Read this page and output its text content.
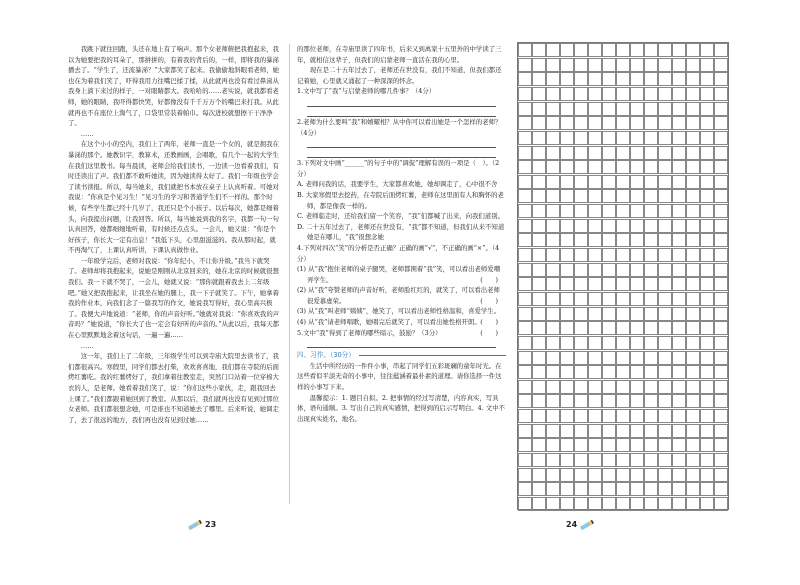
我跳下就往回跑，头还在地上有了响声。那个女老师俯把我抱起来，我以为她要把我的耳朵了，那拼拼的，有着我的背后的，一样，即将我的暴涕播去了。“学生了，还流暴涕？”大家都笑了起来。我偷偷地斜眼看老师，她也在为着我们笑了，吓得我用力往嘴巴揉了揉，从此就再也没有看过鼻涕从我身上淌下来过的样子，一对眼睛都大。我哈哈的……老实说，就我都看老师，她的眼睛，我吓得都快哭，好都像没有千千万万个的嘴巴来打我。从此就再也不在座位上淘气了，口袋里常装着帕巾。每次进校就想擦干干净净了。

……

在这个小小的空内，我们上了两年，老师一直是一个女的，就是拥我在暴涕的那个。她教识字，教算术，还教画画，会唱歌，有几个一起的大学生在我们这里教书。每当晨读，老师会给我们读书，一边读一边看着我们，有时还读出了声。我们都不敢听她读，因为她读得太好了。我们一年级也学会了读书读报。所以，每当她来，我们就把书本放在桌子上认真听着。可她对我说：“你真是个见习生！”见习生的学习和普通学生们不一样的。那个时候，有些学生都已经十几岁了，我还只是个小孩子。以后每次，她都是细着头，向我提出问题，让我回答。所以，每当她说到我的名字，我都一句一句认真回答，她都细细地听着，有时候还点点头。一会儿，她又说：“你是个好孩子，你长大一定有出息！”我低下头，心里甜滋滋的。我从那时起，就不再淘气了，上课认真听讲，下课认真做作业。

一年级学完后，老师对我说：“你年纪小，不让你升级。”我当下就哭了。老师却将我抱起来，说她是刚刚从北京回来的，她在北京的时候就很想我们。我一下就不哭了，一会儿，她就又说：“那你就跟着我去上二年级吧。”她又把我抱起来，让我坐在她的腿上，我一下子就笑了。下午，她拿着我的作业本，向我们念了一篇我写的作文，她说我写得好，我心里高兴极了。我便大声地说道：“老师，你的声音好听。”她就对我说：“你喜欢我的声音吗？”她说道，“你长大了也一定会有好听的声音的。”从此以后，我每天都在心里默默地念着这句话，一遍一遍……

……

这一年，我们上了二年级，三年级学生可以到寺庙大院里去读书了，我们都很高兴。寒假里，同学们都去打柴，欢欢喜喜地，我们都在寺院的后面烤红薯吃。我的红薯烤好了，我们拿着往教室走，突然门口站着一位穿棉大衣的人，是老师。她看着我们笑了，说：“你们这些小家伙，走，跟我回去上课了。”我们都跟着她回到了教室。从那以后，我们就再也没有见到过那位女老师。我们都很想念她，可是谁也不知道她去了哪里。后来听说，她调走了，去了很远的地方，我们再也没有见到过她……

的那位老师，在寺庙里读了四年书，后来又到离家十五里外的中学读了三年，就相信这辈子，但我们的启蒙老师一直活在我的心里。

现在是二十五年过去了，老师还在世没有，我们不知道，但我们都还记着她，心里就又涌起了一种深深的怀念。

1.文中写了“我”与启蒙老师的哪几件事？（4分）

2.老师为什么要叫“我”和嬉耀相？从中你可以看出她是一个怎样的老师？（4分）

3.下列对文中画“______”的句子中的“调侃”理解有误的一项是（　）。（2分）

A. 老师问我的话，我要学生，大家都喜欢她，她却调走了，心中很不舍

B. 大家寒假里去挖药，在寺院后面烤红薯，老师在这里面有人和胸怀的老师，都是像我一样的。

C. 老师临走时，还给我们留一个笑容，“我”们都喊了出来，向我们道别。

D. 二十五年过去了，老师还在世没有，“我”都不知道，但我们从来不知道她是在哪儿，“我”很想念她

4.下列对四次“笑”的分析是否正确？正确的画“√”，不正确的画“×”。（4分）

(1) 从“我”抱住老师的桌子腿哭，老师都围着“我”笑，可以看出老师爱嘲弄学生。	(　　)

(2) 从“我”夸赞老师的声音好听，老师脸红红的，就笑了，可以看出老师很爱慕虚荣。	(　　)

(3) 从“我”叫老师“姨姨”，她笑了，可以看出老师性格温和，喜爱学生。
(　　)

(4) 从“我”请老师唱歌，她唱完后就笑了，可以看出她性格开朗。
(　　)

5.文中“我”得到了老师的哪些暗示，鼓励？（3分）

四、习作。（30分）

生活中所经历的一件件小事，串起了同学们五彩斑斓的童年时光。在这些看似平淡无奇的小事中，往往蕴涵着最朴素的道理。请你选择一件这样的小事写下来。

温馨提示：1. 题目自拟。2. 把事情的经过写清楚，内容真实，写具体，语句通顺。3. 写出自己的真实感情，把得到的启示写明白。4. 文中不出现真实姓名，地名。

23	24
